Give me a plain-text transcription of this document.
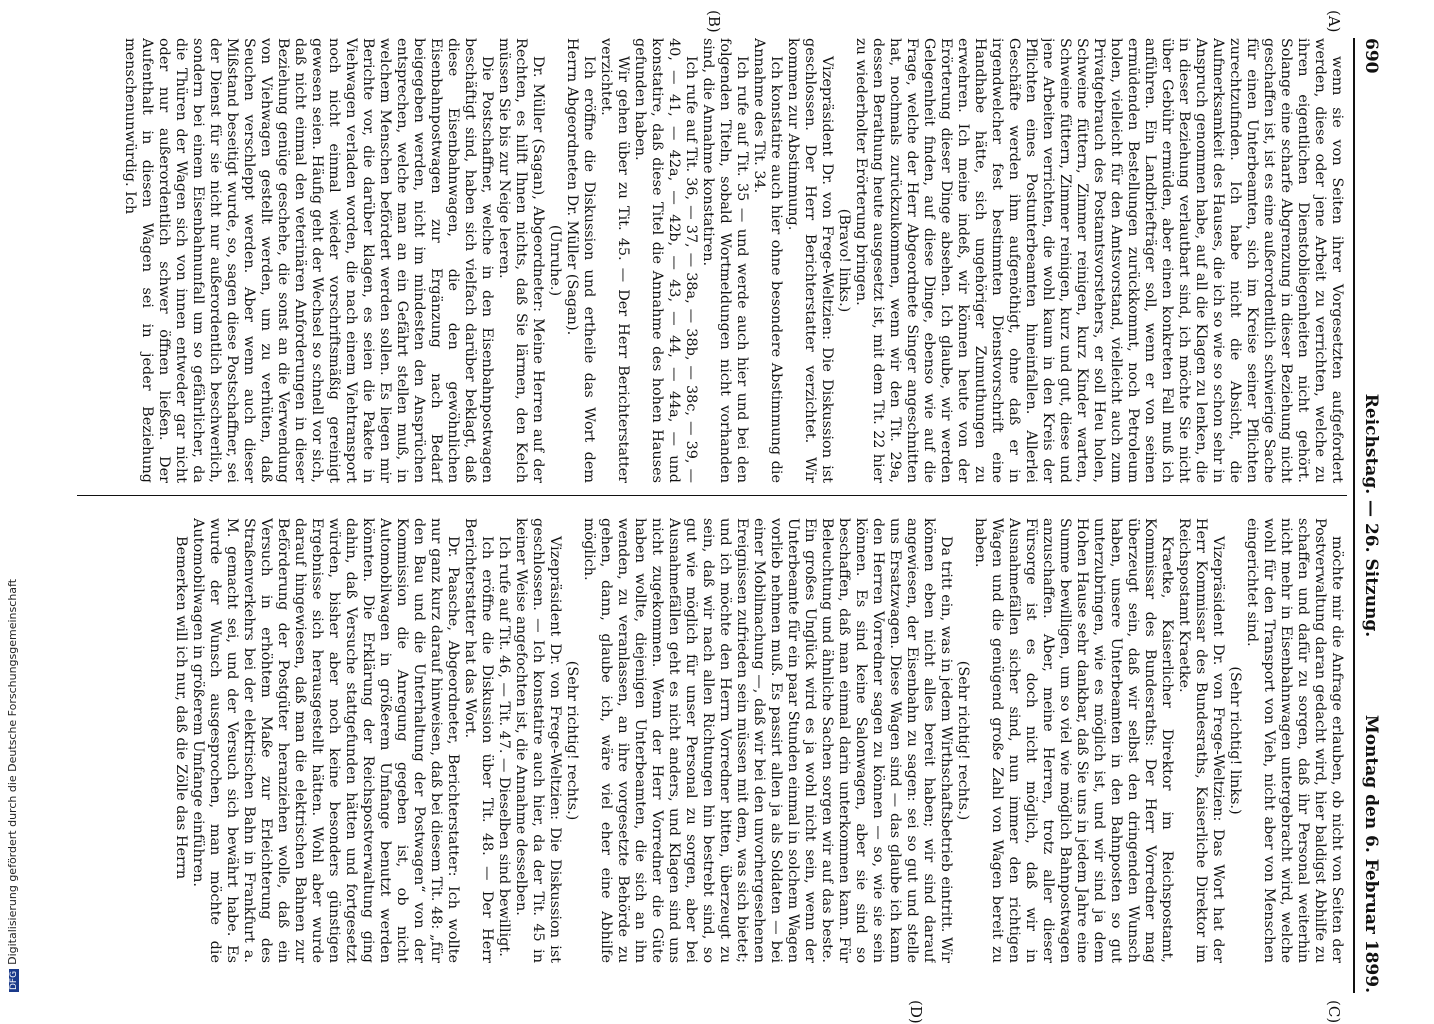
690
Reichstag. — 26. Sitzung.
Montag den 6. Februar 1899.
(A)
(B)
(C)
(D)

wenn sie von Seiten ihrer Vorgesetzten aufgefordert werden, diese oder jene Arbeit zu verrichten, welche zu ihren eigentlichen Dienstobliegenheiten nicht gehört. Solange eine scharfe Abgrenzung in dieser Beziehung nicht geschaffen ist, ist es eine außerordentlich schwierige Sache für einen Unterbeamten, sich im Kreise seiner Pflichten zurechtzufinden. Ich habe nicht die Absicht, die Aufmerksamkeit des Hauses, die ich so wie so schon sehr in Anspruch genommen habe, auf all die Klagen zu lenken, die in dieser Beziehung verlautbart sind, ich möchte Sie nicht über Gebühr ermüden, aber einen konkreten Fall muß ich anführen. Ein Landbriefträger soll, wenn er von seinen ermüdenden Bestellungen zurückkommt, noch Petroleum holen, vielleicht für den Amtsvorstand, vielleicht auch zum Privatgebrauch des Postamtsvorstehers, er soll Heu holen, Schweine füttern, Zimmer reinigen, kurz Kinder warten, Schweine füttern, Zimmer reinigen, kurz und gut, diese und jene Arbeiten verrichten, die wohl kaum in den Kreis der Pflichten eines Postunterbeamten hineinfallen. Allerlei Geschäfte werden ihm aufgenöthigt, ohne daß er in irgendwelcher fest bestimmten Dienstvorschrift eine Handhabe hätte, sich ungehöriger Zumuthungen zu erwehren. Ich meine indeß, wir können heute von der Erörterung dieser Dinge absehen. Ich glaube, wir werden Gelegenheit finden, auf diese Dinge, ebenso wie auf die Frage, welche der Herr Abgeordnete Singer angeschnitten hat, nochmals zurückzukommen, wenn wir den Tit. 29a, dessen Berathung heute ausgesetzt ist, mit dem Tit. 22 hier zu wiederholter Erörterung bringen.

(Bravo! links.)

Vizepräsident Dr. von Frege-Weltzien: Die Diskussion ist geschlossen. Der Herr Berichterstatter verzichtet. Wir kommen zur Abstimmung.

Ich konstatire auch hier ohne besondere Abstimmung die Annahme des Tit. 34.

Ich rufe auf Tit. 35 — und werde auch hier und bei den folgenden Titeln, sobald Wortmeldungen nicht vorhanden sind, die Annahme konstatiren.

Ich rufe auf Tit. 36, — 37, — 38a, — 38b, — 38c, — 39, — 40, — 41, — 42a, — 42b, — 43, — 44, — 44a, — und konstatire, daß diese Titel die Annahme des hohen Hauses gefunden haben.

Wir gehen über zu Tit. 45. — Der Herr Berichterstatter verzichtet.

Ich eröffne die Diskussion und ertheile das Wort dem Herrn Abgeordneten Dr. Müller (Sagan).

(Unruhe.)

Dr. Müller (Sagan), Abgeordneter: Meine Herren auf der Rechten, es hilft Ihnen nichts, daß Sie lärmen, den Kelch müssen Sie bis zur Neige leeren.

Die Postschaffner, welche in den Eisenbahnpostwagen beschäftigt sind, haben sich vielfach darüber beklagt, daß diese Eisenbahnwagen, die den gewöhnlichen Eisenbahnpostwagen zur Ergänzung nach Bedarf beigegeben werden, nicht im mindesten den Ansprüchen entsprechen, welche man an ein Gefährt stellen muß, in welchem Menschen befördert werden sollen. Es liegen mir Berichte vor, die darüber klagen, es seien die Pakete in Viehwagen verladen worden, die nach einem Viehtransport noch nicht einmal wieder vorschriftsmäßig gereinigt gewesen seien. Häufig geht der Wechsel so schnell vor sich, daß nicht einmal den veterinären Anforderungen in dieser Beziehung genüge geschehe, die sonst an die Verwendung von Viehwagen gestellt werden, um zu verhüten, daß Seuchen verschleppt werden. Aber wenn auch dieser Mißstand beseitigt wurde, so, sagen diese Postschaffner, sei der Dienst für sie nicht nur außerordentlich beschwerlich, sondern bei einem Eisenbahnunfall um so gefährlicher, da die Thüren der Wagen sich von innen entweder gar nicht oder nur außerordentlich schwer öffnen ließen. Der Aufenthalt in diesen Wagen sei in jeder Beziehung menschenunwürdig. Ich

möchte mir die Anfrage erlauben, ob nicht von Seiten der Postverwaltung daran gedacht wird, hier baldigst Abhilfe zu schaffen und dafür zu sorgen, daß ihr Personal weiterhin nicht mehr in Eisenbahnwagen untergebracht wird, welche wohl für den Transport von Vieh, nicht aber von Menschen eingerichtet sind.

(Sehr richtig! links.)

Vizepräsident Dr. von Frege-Weltzien: Das Wort hat der Herr Kommissar des Bundesraths, Kaiserliche Direktor im Reichspostamt Kraetke.

Kraetke, Kaiserlicher Direktor im Reichspostamt, Kommissar des Bundesraths: Der Herr Vorredner mag überzeugt sein, daß wir selbst den dringenden Wunsch haben, unsere Unterbeamten in den Bahnposten so gut unterzubringen, wie es möglich ist, und wir sind ja dem Hohen Hause sehr dankbar, daß Sie uns in jedem Jahre eine Summe bewilligen, um so viel wie möglich Bahnpostwagen anzuschaffen. Aber, meine Herren, trotz aller dieser Fürsorge ist es doch nicht möglich, daß wir in Ausnahmefällen sicher sind, nun immer den richtigen Wagen und die genügend große Zahl von Wagen bereit zu haben.

(Sehr richtig! rechts.)

Da tritt ein, was in jedem Wirthschaftsbetrieb eintritt. Wir können eben nicht alles bereit haben; wir sind darauf angewiesen, der Eisenbahn zu sagen: sei so gut und stelle uns Ersatzwagen. Diese Wagen sind — das glaube ich kann den Herren Vorredner sagen zu können — so, wie sie sein können. Es sind keine Salonwagen, aber sie sind so beschaffen, daß man einmal darin unterkommen kann. Für Beleuchtung und ähnliche Sachen sorgen wir auf das beste. Ein großes Unglück wird es ja wohl nicht sein, wenn der Unterbeamte für ein paar Stunden einmal in solchem Wagen vorlieb nehmen muß. Es passirt allen ja als Soldaten — bei einer Mobilmachung —, daß wir bei den unvorhergesehenen Ereignissen zufrieden sein müssen mit dem, was sich bietet; und ich möchte den Herrn Vorredner bitten, überzeugt zu sein, daß wir nach allen Richtungen hin bestrebt sind, so gut wie möglich für unser Personal zu sorgen, aber bei Ausnahmefällen geht es nicht anders, und Klagen sind uns nicht zugekommen. Wenn der Herr Vorredner die Güte haben wollte, diejenigen Unterbeamten, die sich an ihn wenden, zu veranlassen, an ihre vorgesetzte Behörde zu gehen, dann, glaube ich, wäre viel eher eine Abhilfe möglich.

(Sehr richtig! rechts.)

Vizepräsident Dr. von Frege-Weltzien: Die Diskussion ist geschlossen. — Ich konstatire auch hier, da der Tit. 45 in keiner Weise angefochten ist, die Annahme desselben.

Ich rufe auf Tit. 46, — Tit. 47. — Dieselben sind bewilligt.

Ich eröffne die Diskussion über Tit. 48. — Der Herr Berichterstatter hat das Wort.

Dr. Paasche, Abgeordneter, Berichterstatter: Ich wollte nur ganz kurz darauf hinweisen, daß bei diesem Tit. 48: „für den Bau und die Unterhaltung der Postwagen“ von der Kommission die Anregung gegeben ist, ob nicht Automobilwagen in größerem Umfange benutzt werden könnten. Die Erklärung der Reichspostverwaltung ging dahin, daß Versuche stattgefunden hätten und fortgesetzt würden, bisher aber noch keine besonders günstigen Ergebnisse sich herausgestellt hätten. Wohl aber wurde darauf hingewiesen, daß man die elektrischen Bahnen zur Beförderung der Postgüter heranziehen wolle, daß ein Versuch in erhöhtem Maße zur Erleichterung des Straßenverkehrs bei der elektrischen Bahn in Frankfurt a. M. gemacht sei, und der Versuch sich bewährt habe. Es wurde der Wunsch ausgesprochen, man möchte die Automobilwagen in größerem Umfange einführen.

Bemerken will ich nur, daß die Zölle das Herrn

DFGDigitalisierung gefördert durch die Deutsche Forschungsgemeinschaft
